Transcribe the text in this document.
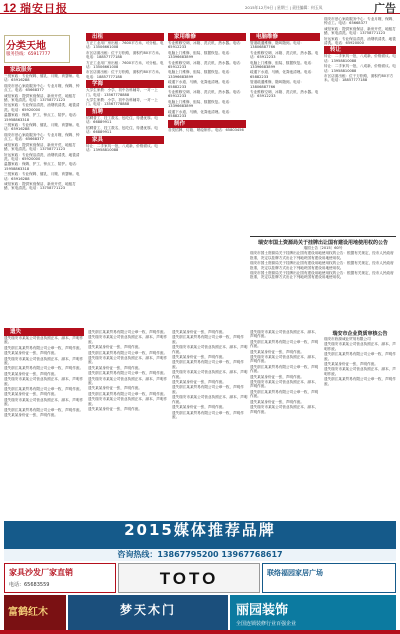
12 瑞安日报	2015年12月9日 | 星期三 | 责任编辑：何玉凤	广告
分类天地
服务热线：65917777
家政服务

三悦家政：专业保姆、催乳、月嫂、育婴师。电话：65916288

瑞安市爱心家政服务中心：专业月嫂、保姆、钟点工。电话：65668377

诚信家政：提供家庭保洁、新房开荒、地板打蜡、家电清洗。电话：13758771123

好运家政：专业保洁清洗、油烟机清洗、地毯清洗。电话：65920000

温馨家政：保姆、护工、钟点工、陪护。电话：15958863318

三悦家政：专业保姆、催乳、月嫂、育婴师。电话：65916288

瑞安市爱心家政服务中心：专业月嫂、保姆、钟点工。电话：65668377

诚信家政：提供家庭保洁、新房开荒、地板打蜡、家电清洗。电话：13758771123

好运家政：专业保洁清洗、油烟机清洗、地毯清洗。电话：65920000

温馨家政：保姆、护工、钟点工、陪护。电话：15958863318

三悦家政：专业保姆、催乳、月嫂、育婴师。电话：65916288

诚信家政：提供家庭保洁、新房开荒、地板打蜡、家电清洗。电话：13758771123

出租

方正工业用厂房出租：7600平方米，可分租。电话：13506661008

市区店面出租：位于万松路，面积约80平方米。电话：18857777188

方正工业用厂房出租：7600平方米，可分租。电话：13506661008

市区店面出租：位于万松路，面积约80平方米。电话：18857777188

学海

大学生家教：小学、初中各科辅导，一对一上门。电话：13567778888

大学生家教：小学、初中各科辅导，一对一上门。电话：13567778888

招聘

招聘普工、技工数名，包吃住，待遇优厚。电话：66889911

招聘普工、技工数名，包吃住，待遇优厚。电话：66889911

家具

转让：二手家具一批，八成新，价格面议。电话：13958810088

家用维修

专业维修空调、冰箱、洗衣机、热水器。电话：65912233

电脑上门维修、组装、数据恢复。电话：13396683899

专业维修空调、冰箱、洗衣机、热水器。电话：65912233

电脑上门维修、组装、数据恢复。电话：13396683899

疏通下水道、马桶、化粪池清理。电话：65882233

专业维修空调、冰箱、洗衣机、热水器。电话：65912233

电脑上门维修、组装、数据恢复。电话：13396683899

疏通下水道、马桶、化粪池清理。电话：65882233

制作

各类招牌、灯箱、喷绘制作。电话：65803456

电脑维修

管道疏通维修，随叫随到。电话：13806887766

专业维修空调、冰箱、洗衣机、热水器。电话：65912233

电脑上门维修、组装、数据恢复。电话：13396683899

疏通下水道、马桶、化粪池清理。电话：65882233

管道疏通维修，随叫随到。电话：13806887766

专业维修空调、冰箱、洗衣机、热水器。电话：65912233

瑞安市爱心家政服务中心：专业月嫂、保姆、钟点工。电话：65668377

诚信家政：提供家庭保洁、新房开荒、地板打蜡、家电清洗。电话：13758771123

好运家政：专业保洁清洗、油烟机清洗、地毯清洗。电话：65920000

转让

转让：二手家具一批，八成新，价格面议。电话：13958810088

转让：二手家具一批，八成新，价格面议。电话：13958810088

市区店面出租：位于万松路，面积约80平方米。电话：18857777188

瑞安市国土资源局关于挂牌出让国有建设用地使用权的公告

瑞国土告〔2015〕60号

瑞安市国土资源局关于挂牌出让国有建设用地使用权的公告：根据有关规定，经市人民政府批准，决定以挂牌方式出让下列地块国有建设用地使用权。

瑞安市国土资源局关于挂牌出让国有建设用地使用权的公告：根据有关规定，经市人民政府批准，决定以挂牌方式出让下列地块国有建设用地使用权。

瑞安市国土资源局关于挂牌出让国有建设用地使用权的公告：根据有关规定，经市人民政府批准，决定以挂牌方式出让下列地块国有建设用地使用权。

遗失

遗失瑞安市某某公司营业执照正本、副本，声明作废。

遗失浙江某某贸易有限公司公章一枚，声明作废。

遗失某某身份证一张，声明作废。

遗失瑞安市某某公司营业执照正本、副本，声明作废。

遗失浙江某某贸易有限公司公章一枚，声明作废。

遗失某某身份证一张，声明作废。

遗失瑞安市某某公司营业执照正本、副本，声明作废。

遗失浙江某某贸易有限公司公章一枚，声明作废。

遗失某某身份证一张，声明作废。

遗失瑞安市某某公司营业执照正本、副本，声明作废。

遗失浙江某某贸易有限公司公章一枚，声明作废。

遗失某某身份证一张，声明作废。

遗失浙江某某贸易有限公司公章一枚，声明作废。

遗失瑞安市某某公司营业执照正本、副本，声明作废。

遗失某某身份证一张，声明作废。

遗失浙江某某贸易有限公司公章一枚，声明作废。

遗失瑞安市某某公司营业执照正本、副本，声明作废。

遗失某某身份证一张，声明作废。

遗失浙江某某贸易有限公司公章一枚，声明作废。

遗失瑞安市某某公司营业执照正本、副本，声明作废。

遗失某某身份证一张，声明作废。

遗失浙江某某贸易有限公司公章一枚，声明作废。

遗失瑞安市某某公司营业执照正本、副本，声明作废。

遗失某某身份证一张，声明作废。

遗失某某身份证一张，声明作废。

遗失浙江某某贸易有限公司公章一枚，声明作废。

遗失瑞安市某某公司营业执照正本、副本，声明作废。

遗失某某身份证一张，声明作废。

遗失浙江某某贸易有限公司公章一枚，声明作废。

遗失瑞安市某某公司营业执照正本、副本，声明作废。

遗失某某身份证一张，声明作废。

遗失浙江某某贸易有限公司公章一枚，声明作废。

遗失瑞安市某某公司营业执照正本、副本，声明作废。

遗失某某身份证一张，声明作废。

遗失浙江某某贸易有限公司公章一枚，声明作废。

遗失瑞安市某某公司营业执照正本、副本，声明作废。

遗失浙江某某贸易有限公司公章一枚，声明作废。

遗失某某身份证一张，声明作废。

遗失瑞安市某某公司营业执照正本、副本，声明作废。

遗失浙江某某贸易有限公司公章一枚，声明作废。

遗失某某身份证一张，声明作废。

遗失瑞安市某某公司营业执照正本、副本，声明作废。

遗失浙江某某贸易有限公司公章一枚，声明作废。

遗失某某身份证一张，声明作废。

遗失瑞安市某某公司营业执照正本、副本，声明作废。

瑞安市企业资质审核公告

瑞安市欣源诚业贸易有限公司

遗失瑞安市某某公司营业执照正本、副本，声明作废。

遗失浙江某某贸易有限公司公章一枚，声明作废。

遗失某某身份证一张，声明作废。

遗失瑞安市某某公司营业执照正本、副本，声明作废。

遗失浙江某某贸易有限公司公章一枚，声明作废。

2015媒体推荐品牌
咨询热线：13867795200 13967768617
家具沙发厂家直销
电话：65683559	TOTO	联络福园家居广场
富鹤红木	梦天木门	丽园装饰
全国连锁装修行业百强企业
